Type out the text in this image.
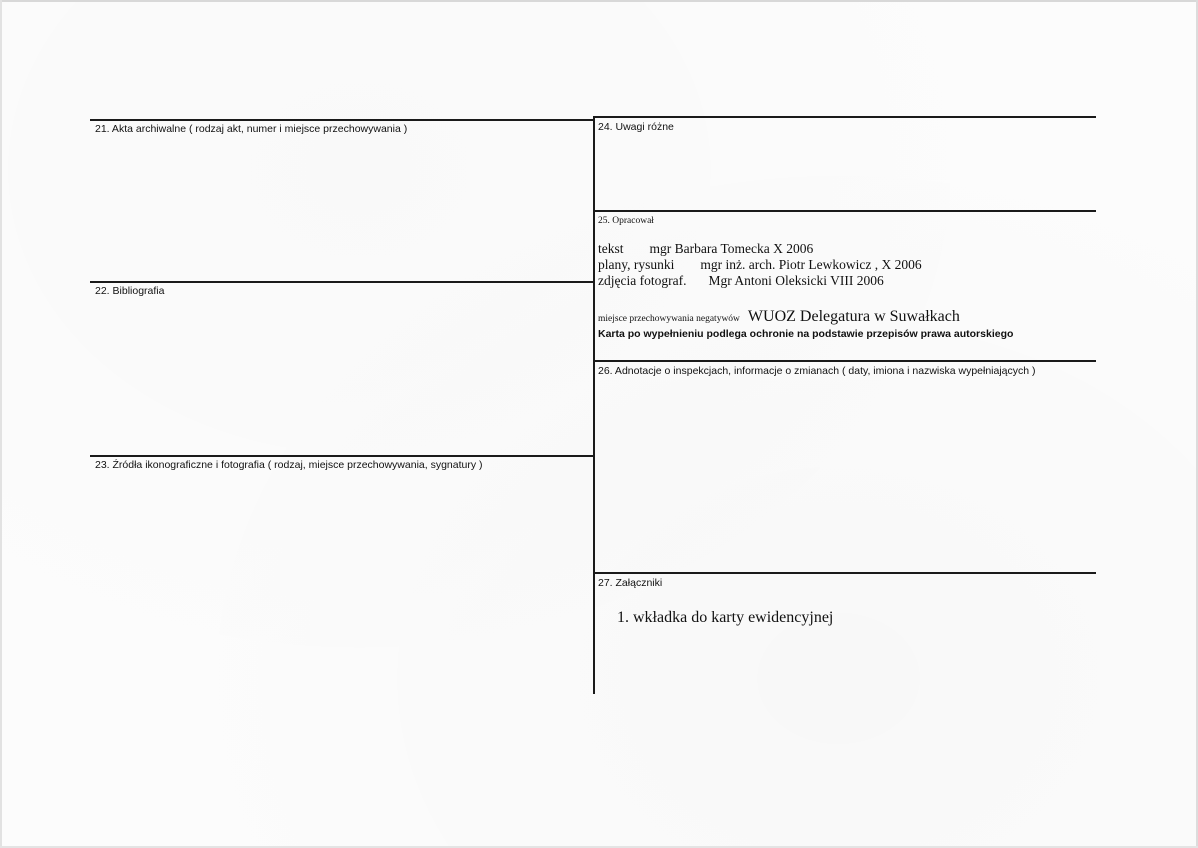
21. Akta archiwalne ( rodzaj akt, numer i miejsce przechowywania )
22. Bibliografia
23. Źródła ikonograficzne i fotografia ( rodzaj, miejsce przechowywania, sygnatury )
24. Uwagi różne
25. Opracował
tekst mgr Barbara Tomecka X 2006
plany, rysunki mgr inż. arch. Piotr Lewkowicz , X 2006
zdjęcia fotograf. Mgr Antoni Oleksicki VIII 2006
miejsce przechowywania negatywów WUOZ Delegatura w Suwałkach
Karta po wypełnieniu podlega ochronie na podstawie przepisów prawa autorskiego
26. Adnotacje o inspekcjach, informacje o zmianach ( daty, imiona i nazwiska wypełniających )
27. Załączniki
1. wkładka do karty ewidencyjnej
